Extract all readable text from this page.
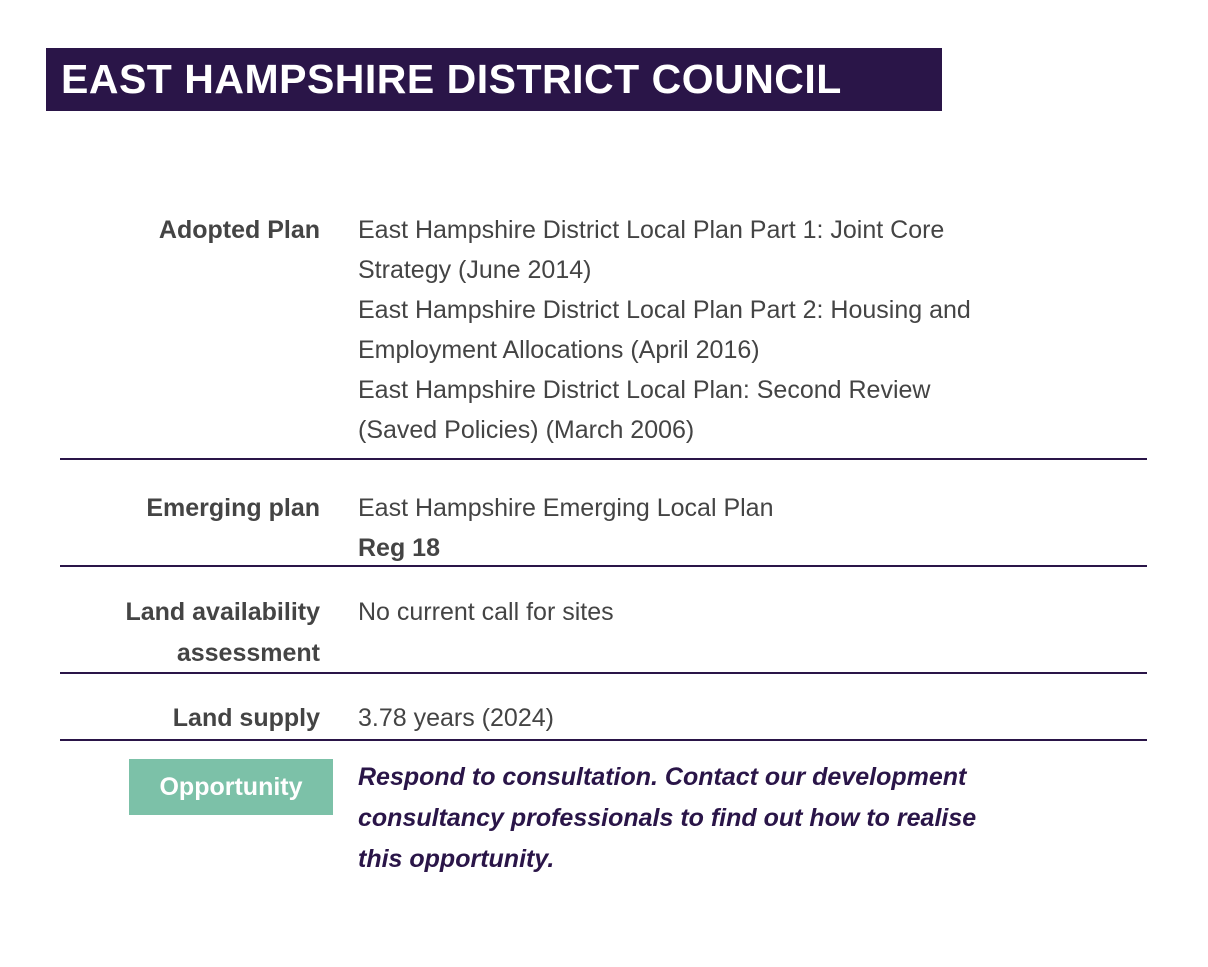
EAST HAMPSHIRE DISTRICT COUNCIL
Adopted Plan East Hampshire District Local Plan Part 1: Joint Core
Strategy (June 2014)
East Hampshire District Local Plan Part 2: Housing and
Employment Allocations (April 2016)
East Hampshire District Local Plan: Second Review
(Saved Policies) (March 2006)
Emerging plan East Hampshire Emerging Local Plan
Reg 18
Land availability
assessment
No current call for sites
Land supply 3.78 years (2024)
Opportunity	Respond to consultation. Contact our development
consultancy professionals to find out how to realise
this opportunity.
